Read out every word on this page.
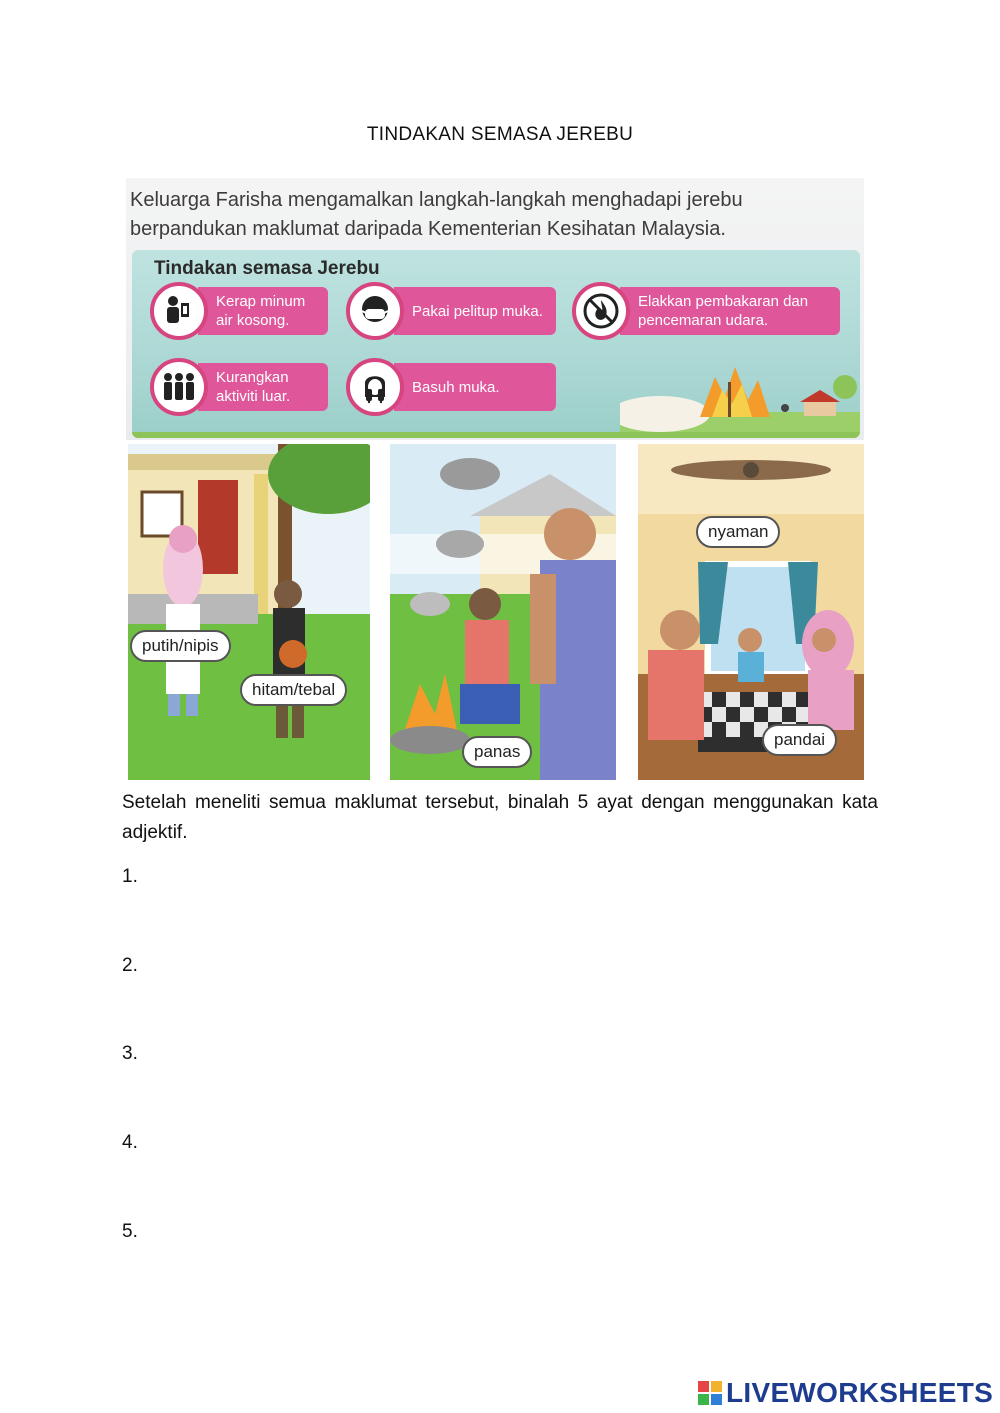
TINDAKAN SEMASA JEREBU
Keluarga Farisha mengamalkan langkah-langkah menghadapi jerebu
berpandukan maklumat daripada Kementerian Kesihatan Malaysia.
Tindakan semasa Jerebu
Kerap minum
air kosong.
Pakai pelitup muka.
Elakkan pembakaran dan
pencemaran udara.
Kurangkan
aktiviti luar.
Basuh muka.
putih/nipis
hitam/tebal
panas
nyaman
pandai
Setelah meneliti semua maklumat tersebut, binalah 5 ayat dengan menggunakan kata adjektif.
1.
2.
3.
4.
5.
LIVEWORKSHEETS
